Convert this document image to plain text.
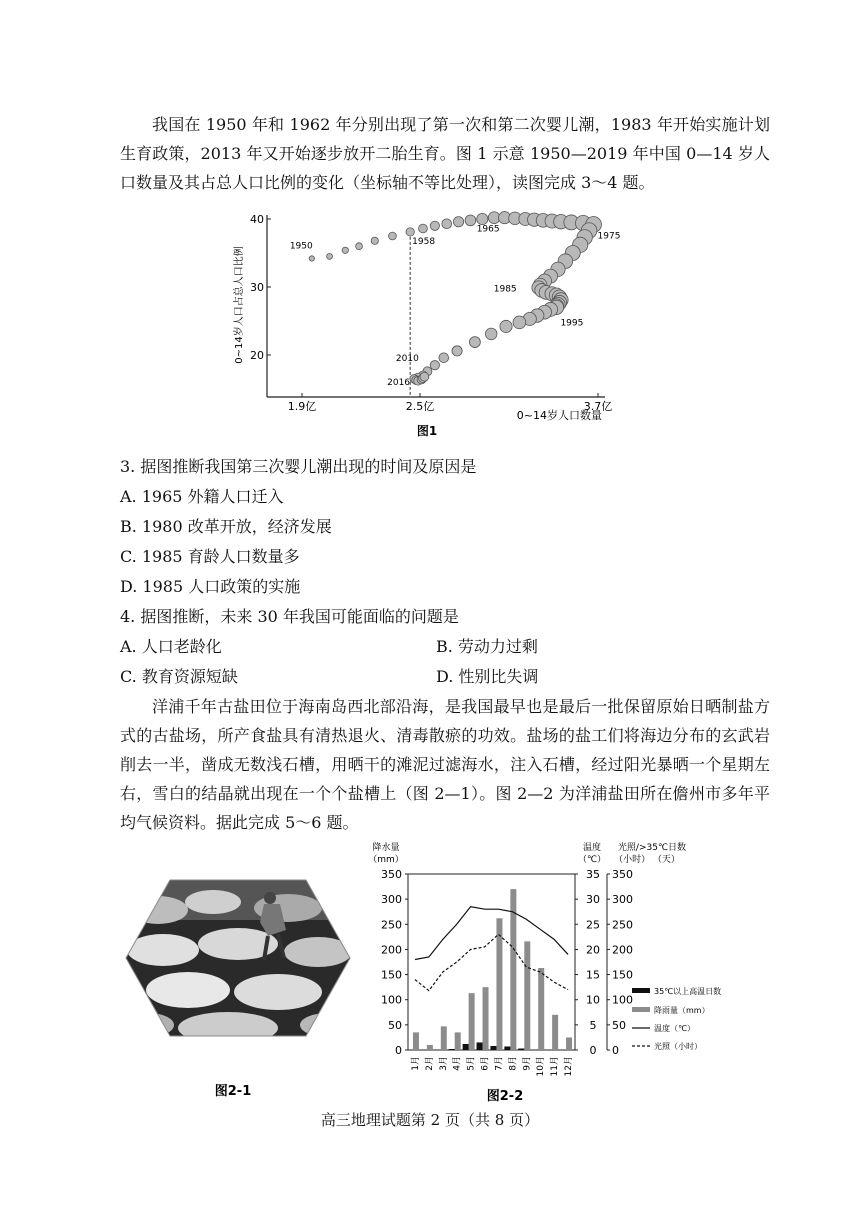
我国在 1950 年和 1962 年分别出现了第一次和第二次婴儿潮，1983 年开始实施计划生育政策，2013 年又开始逐步放开二胎生育。图 1 示意 1950—2019 年中国 0—14 岁人口数量及其占总人口比例的变化（坐标轴不等比处理），读图完成 3～4 题。

0~14岁人口占总人口比例
0~14岁人口数量
图1
1.9亿	2.5亿	3.7亿
40
30
20
1950	1958
1965
1975
1985
1995
2010
2016

3. 据图推断我国第三次婴儿潮出现的时间及原因是

A. 1965 外籍人口迁入

B. 1980 改革开放，经济发展

C. 1985 育龄人口数量多

D. 1985 人口政策的实施

4. 据图推断，未来 30 年我国可能面临的问题是

A. 人口老龄化	B. 劳动力过剩

C. 教育资源短缺	D. 性别比失调

洋浦千年古盐田位于海南岛西北部沿海，是我国最早也是最后一批保留原始日晒制盐方式的古盐场，所产食盐具有清热退火、清毒散瘀的功效。盐场的盐工们将海边分布的玄武岩削去一半，凿成无数浅石槽，用晒干的滩泥过滤海水，注入石槽，经过阳光暴晒一个星期左右，雪白的结晶就出现在一个个盐槽上（图 2—1）。图 2—2 为洋浦盐田所在儋州市多年平均气候资料。据此完成 5～6 题。

图2-1
降水量
（mm）
温度
（℃）
光照/>35℃日数
（小时） （天）
0
50
100
150
200
250
300
350
0
5
10
15
20
25
30
35
0
50
100
150
200
250
300
350
1月 2月 3月 4月 5月 6月 7月 8月 9月 10月 11月 12月
35℃以上高温日数
降雨量（mm）
温度（℃）
光照（小时）
图2-2
高三地理试题第 2 页（共 8 页）
